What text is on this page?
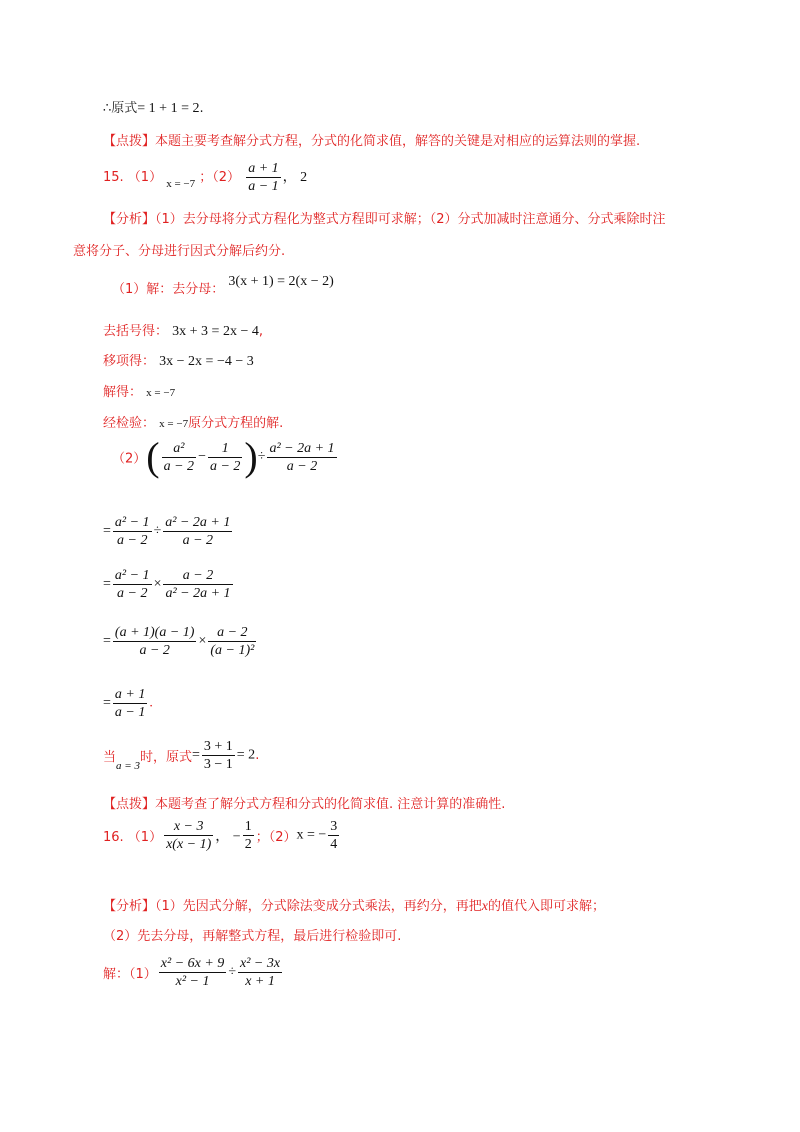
∴原式= 1 + 1 = 2.
【点拨】本题主要考查解分式方程，分式的化简求值，解答的关键是对相应的运算法则的掌握.
15. （1） $_{x = -7}$ ；$(2) \frac{a + 1}{a - 1}$ ， 2
【分析】（1）去分母将分式方程化为整式方程即可求解；（2）分式加减时注意通分、分式乘除时注
意将分子、分母进行因式分解后约分.
（1）解：去分母： 3(x + 1) = 2(x − 2)
去括号得： 3x + 3 = 2x − 4,
移项得： 3x − 2x = −4 − 3
解得： x = −7
经检验： x = −7原分式方程的解.
$(2)( \frac{\text{a²}}{a - 2} - \frac{1}{a - 2}$ )÷ $\frac{\text{a² − 2a + 1}}{a - 2}$
= $\frac{\text{a² − 1}}{a - 2} \div \frac{\text{a² − 2a + 1}}{a - 2}$
= $\frac{\text{a² − 1}}{a - 2} \times \frac{a - 2}{\text{a² − 2a + 1}}$
= $\frac{(a + 1)(a - 1)}{a - 2} \times \frac{a - 2}{\text{(a − 1)²}}$
= $\frac{a + 1}{a - 1}$ .
当$_{a = 3}$时，原式= $\frac{3 + 1}{3 - 1} = 2$.
【点拨】本题考查了解分式方程和分式的化简求值. 注意计算的准确性.
16. $(1) \frac{x - 3}{x(x - 1)}$ ， − $\frac{1}{2}$ ；（2）x = − $\frac{3}{4}$
【分析】（1）先因式分解，分式除法变成分式乘法，再约分，再把x的值代入即可求解；
（2）先去分母，再解整式方程，最后进行检验即可.
解：$(1) \frac{\text{x² − 6x + 9}}{\text{x² − 1}} \div \frac{\text{x² − 3x}}{x + 1}$
